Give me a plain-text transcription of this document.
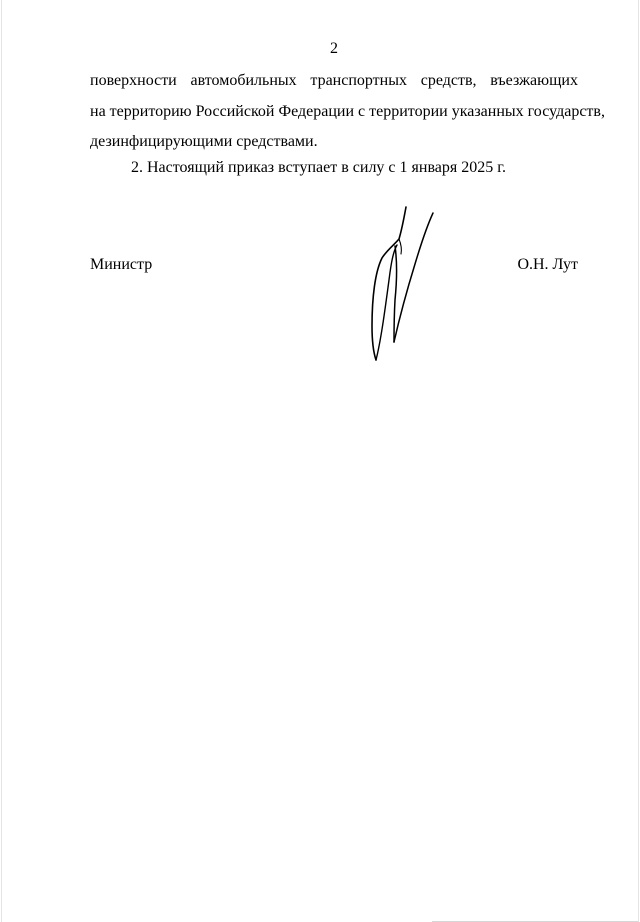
2
поверхности автомобильных транспортных средств, въезжающих
на территорию Российской Федерации с территории указанных государств,
дезинфицирующими средствами.
2. Настоящий приказ вступает в силу с 1 января 2025 г.
Министр	О.Н. Лут
